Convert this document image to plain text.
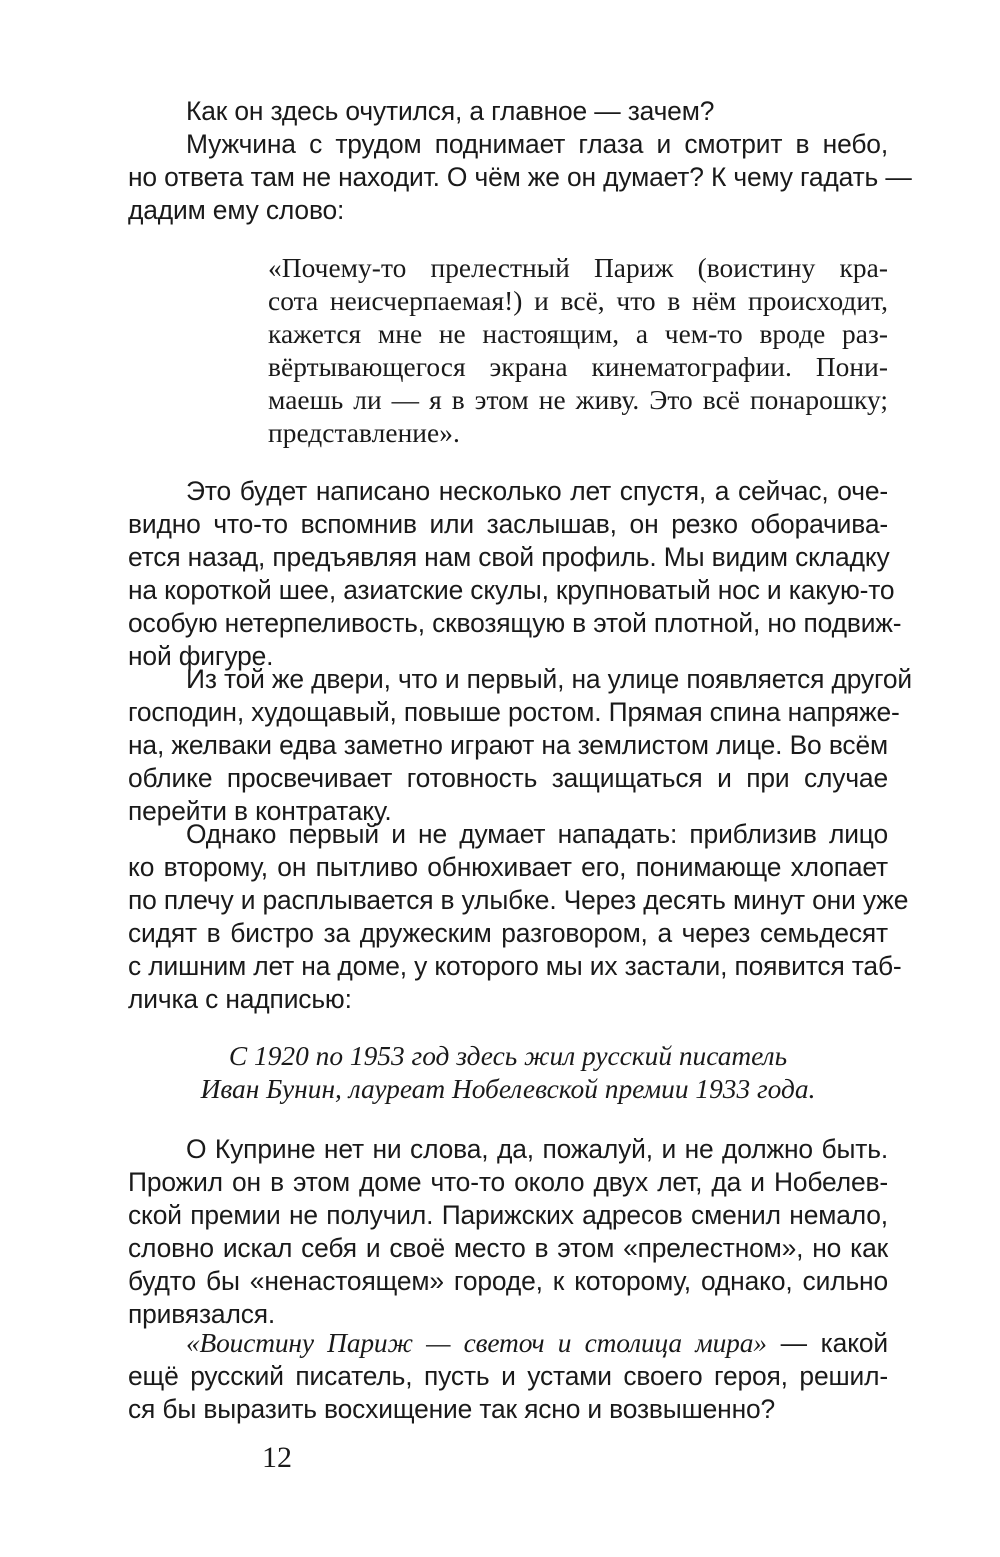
Как он здесь очутился, а главное — зачем?
Мужчина с трудом поднимает глаза и смотрит в небо,
но ответа там не находит. О чём же он думает? К чему гадать —
дадим ему слово:
«Почему-то прелестный Париж (воистину кра-
сота неисчерпаемая!) и всё, что в нём происходит,
кажется мне не настоящим, а чем-то вроде раз-
вёртывающегося экрана кинематографии. Пони-
маешь ли — я в этом не живу. Это всё понарошку;
представление».
Это будет написано несколько лет спустя, а сейчас, оче-
видно что-то вспомнив или заслышав, он резко оборачива-
ется назад, предъявляя нам свой профиль. Мы видим складку
на короткой шее, азиатские скулы, крупноватый нос и какую-то
особую нетерпеливость, сквозящую в этой плотной, но подвиж-
ной фигуре.
Из той же двери, что и первый, на улице появляется другой
господин, худощавый, повыше ростом. Прямая спина напряже-
на, желваки едва заметно играют на землистом лице. Во всём
облике просвечивает готовность защищаться и при случае
перейти в контратаку.
Однако первый и не думает нападать: приблизив лицо
ко второму, он пытливо обнюхивает его, понимающе хлопает
по плечу и расплывается в улыбке. Через десять минут они уже
сидят в бистро за дружеским разговором, а через семьдесят
с лишним лет на доме, у которого мы их застали, появится таб-
личка с надписью:
С 1920 по 1953 год здесь жил русский писатель
Иван Бунин, лауреат Нобелевской премии 1933 года.
О Куприне нет ни слова, да, пожалуй, и не должно быть.
Прожил он в этом доме что-то около двух лет, да и Нобелев-
ской премии не получил. Парижских адресов сменил немало,
словно искал себя и своё место в этом «прелестном», но как
будто бы «ненастоящем» городе, к которому, однако, сильно
привязался.
«Воистину Париж — светоч и столица мира» — какой
ещё русский писатель, пусть и устами своего героя, решил-
ся бы выразить восхищение так ясно и возвышенно?
12
